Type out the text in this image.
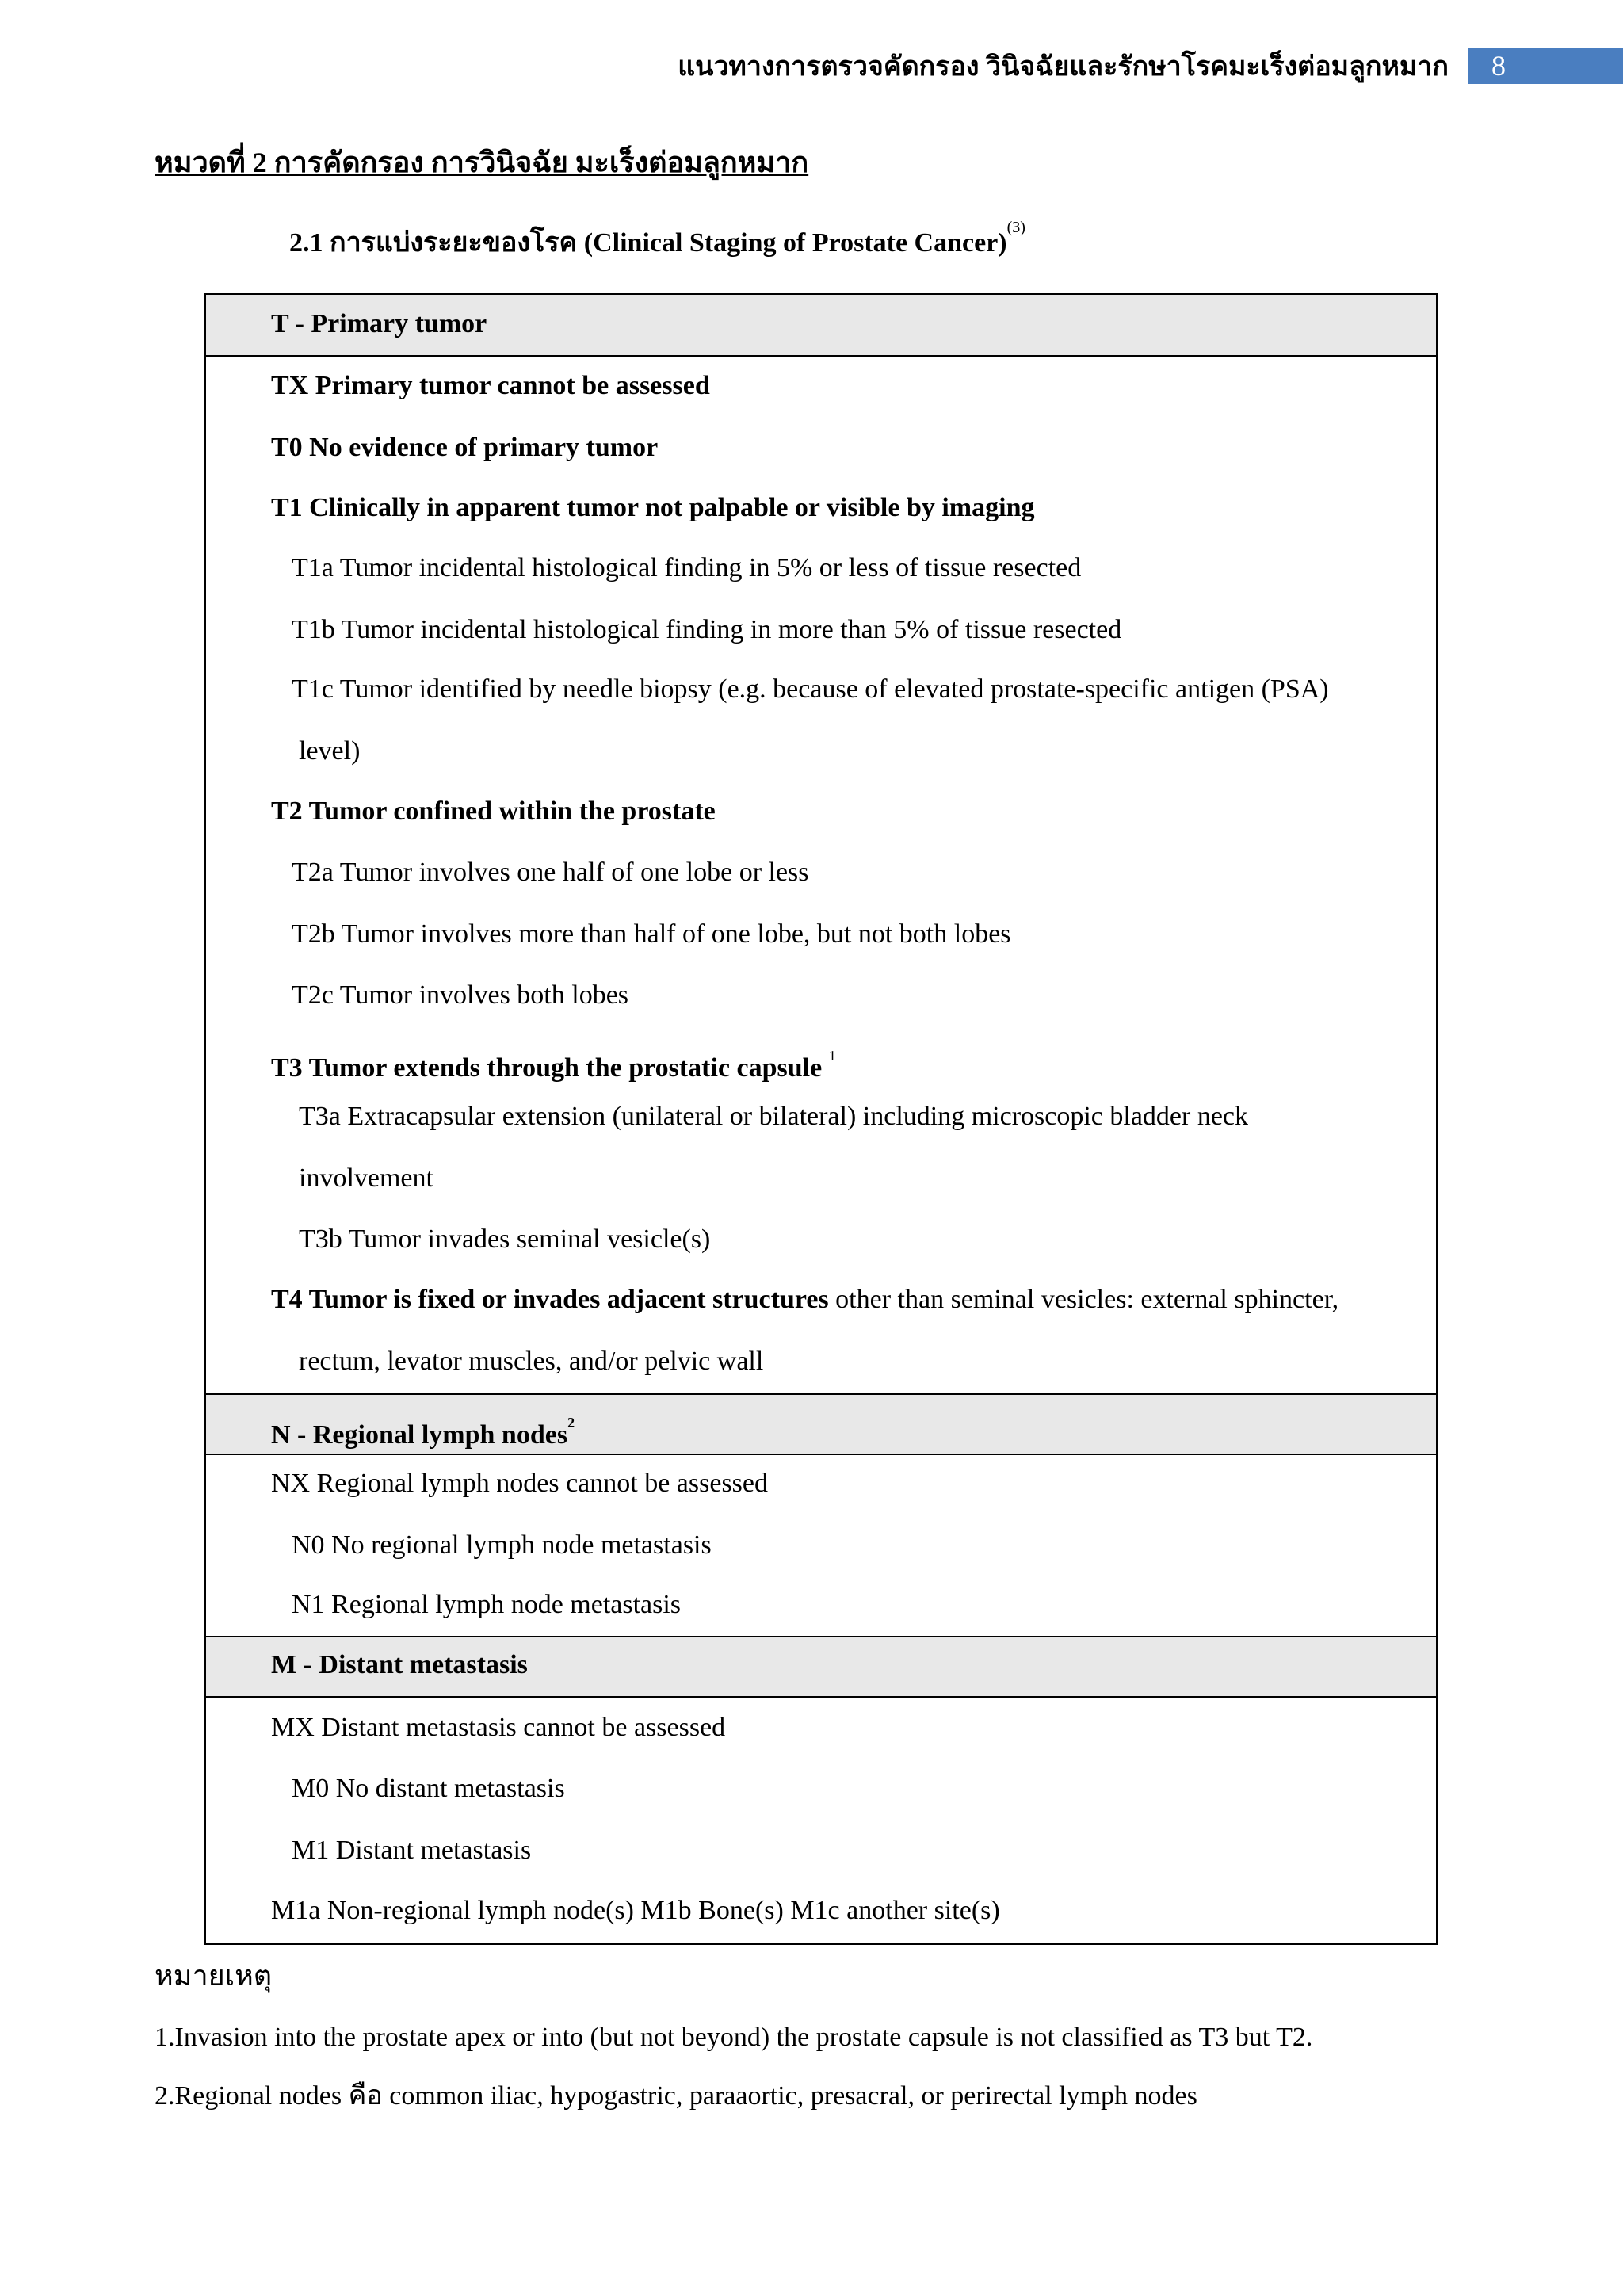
แนวทางการตรวจคัดกรอง วินิจฉัยและรักษาโรคมะเร็งต่อมลูกหมาก	8
หมวดที่ 2 การคัดกรอง การวินิจฉัย มะเร็งต่อมลูกหมาก
2.1 การแบ่งระยะของโรค (Clinical Staging of Prostate Cancer)$^{(3)}$
T - Primary tumor
TX Primary tumor cannot be assessed
T0 No evidence of primary tumor
T1 Clinically in apparent tumor not palpable or visible by imaging
T1a Tumor incidental histological finding in 5% or less of tissue resected
T1b Tumor incidental histological finding in more than 5% of tissue resected
T1c Tumor identified by needle biopsy (e.g. because of elevated prostate-specific antigen (PSA)
level)
T2 Tumor confined within the prostate
T2a Tumor involves one half of one lobe or less
T2b Tumor involves more than half of one lobe, but not both lobes
T2c Tumor involves both lobes
T3 Tumor extends through the prostatic capsule $^1$
T3a Extracapsular extension (unilateral or bilateral) including microscopic bladder neck
involvement
T3b Tumor invades seminal vesicle(s)
T4 Tumor is fixed or invades adjacent structures other than seminal vesicles: external sphincter,
rectum, levator muscles, and/or pelvic wall
N - Regional lymph nodes$^2$
NX Regional lymph nodes cannot be assessed
N0 No regional lymph node metastasis
N1 Regional lymph node metastasis
M - Distant metastasis
MX Distant metastasis cannot be assessed
M0 No distant metastasis
M1 Distant metastasis
M1a Non-regional lymph node(s) M1b Bone(s) M1c another site(s)
หมายเหตุ
1.Invasion into the prostate apex or into (but not beyond) the prostate capsule is not classified as T3 but T2.
2.Regional nodes คือ common iliac, hypogastric, paraaortic, presacral, or perirectal lymph nodes
